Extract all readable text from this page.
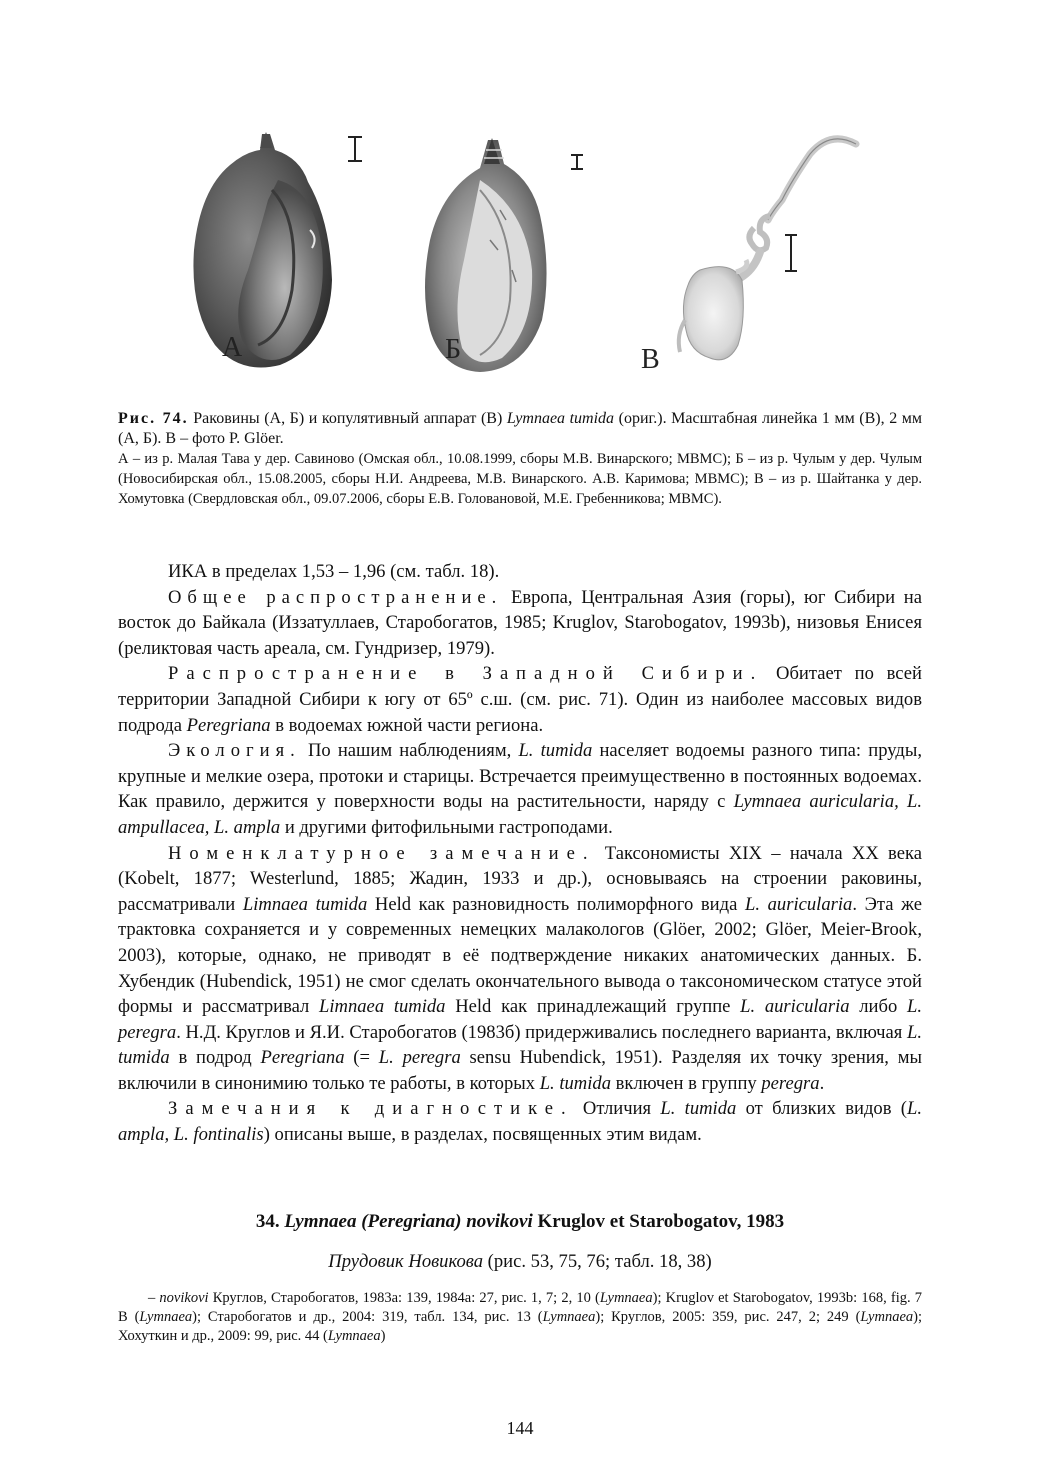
А	Б	В

Рис. 74. Раковины (А, Б) и копулятивный аппарат (В) Lymnaea tumida (ориг.). Масштабная линейка 1 мм (В), 2 мм (А, Б). В – фото P. Glöer.

А – из р. Малая Тава у дер. Савиново (Омская обл., 10.08.1999, сборы М.В. Винарского; МВМС); Б – из р. Чулым у дер. Чулым (Новосибирская обл., 15.08.2005, сборы Н.И. Андреева, М.В. Винарского. А.В. Каримова; МВМС); В – из р. Шайтанка у дер. Хомутовка (Свердловская обл., 09.07.2006, сборы Е.В. Головановой, М.Е. Гребенникова; МВМС).

ИКА в пределах 1,53 – 1,96 (см. табл. 18).

Общее распространение. Европа, Центральная Азия (горы), юг Сибири на восток до Байкала (Иззатуллаев, Старобогатов, 1985; Kruglov, Starobogatov, 1993b), низовья Енисея (реликтовая часть ареала, см. Гундризер, 1979).

Распространение в Западной Сибири. Обитает по всей территории Западной Сибири к югу от 65º с.ш. (см. рис. 71). Один из наиболее массовых видов подрода Peregriana в водоемах южной части региона.

Экология. По нашим наблюдениям, L. tumida населяет водоемы разного типа: пруды, крупные и мелкие озера, протоки и старицы. Встречается преимущественно в постоянных водоемах. Как правило, держится у поверхности воды на растительности, наряду с Lymnaea auricularia, L. ampullacea, L. ampla и другими фитофильными гастроподами.

Номенклатурное замечание. Таксономисты XIX – начала XX века (Kobelt, 1877; Westerlund, 1885; Жадин, 1933 и др.), основываясь на строении раковины, рассматривали Limnaea tumida Held как разновидность полиморфного вида L. auricularia. Эта же трактовка сохраняется и у современных немецких малакологов (Glöer, 2002; Glöer, Meier-Brook, 2003), которые, однако, не приводят в её подтверждение никаких анатомических данных. Б. Хубендик (Hubendick, 1951) не смог сделать окончательного вывода о таксономическом статусе этой формы и рассматривал Limnaea tumida Held как принадлежащий группе L. auricularia либо L. peregra. Н.Д. Круглов и Я.И. Старобогатов (1983б) придерживались последнего варианта, включая L. tumida в подрод Peregriana (= L. peregra sensu Hubendick, 1951). Разделяя их точку зрения, мы включили в синонимию только те работы, в которых L. tumida включен в группу peregra.

Замечания к диагностике. Отличия L. tumida от близких видов (L. ampla, L. fontinalis) описаны выше, в разделах, посвященных этим видам.

34. Lymnaea (Peregriana) novikovi Kruglov et Starobogatov, 1983
Прудовик Новикова (рис. 53, 75, 76; табл. 18, 38)

– novikovi Круглов, Старобогатов, 1983а: 139, 1984а: 27, рис. 1, 7; 2, 10 (Lymnaea); Kruglov et Starobogatov, 1993b: 168, fig. 7 В (Lymnaea); Старобогатов и др., 2004: 319, табл. 134, рис. 13 (Lymnaea); Круглов, 2005: 359, рис. 247, 2; 249 (Lymnaea); Хохуткин и др., 2009: 99, рис. 44 (Lymnaea)

144
